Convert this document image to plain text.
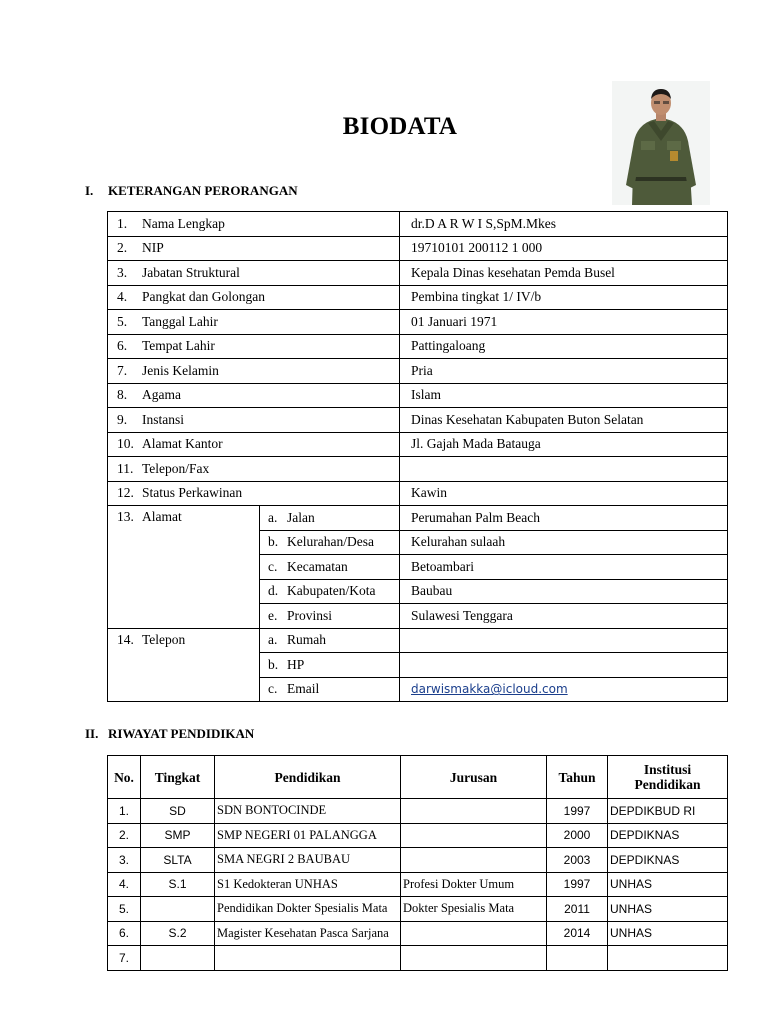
BIODATA
I. KETERANGAN PERORANGAN
1. Nama Lengkap		dr.D A R W I S,SpM.Mkes
2. NIP		19710101 200112 1 000
3. Jabatan Struktural		Kepala Dinas kesehatan Pemda Busel
4. Pangkat dan Golongan		Pembina tingkat 1/ IV/b
5. Tanggal Lahir		01 Januari 1971
6. Tempat Lahir		Pattingaloang
7. Jenis Kelamin		Pria
8. Agama		Islam
9. Instansi		Dinas Kesehatan Kabupaten Buton Selatan
10. Alamat Kantor		Jl. Gajah Mada Batauga
11. Telepon/Fax		
12. Status Perkawinan		Kawin
13. Alamat	a. Jalan	Perumahan Palm Beach
	b. Kelurahan/Desa	Kelurahan sulaah
	c. Kecamatan	Betoambari
	d. Kabupaten/Kota	Baubau
	e. Provinsi	Sulawesi Tenggara
14. Telepon	a. Rumah	
	b. HP	
	c. Email	darwismakka@icloud.com
II. RIWAYAT PENDIDIKAN
No.	Tingkat	Pendidikan	Jurusan	Tahun	Institusi
Pendidikan
1.	SD	SDN BONTOCINDE		1997	DEPDIKBUD RI
2.	SMP	SMP NEGERI 01 PALANGGA		2000	DEPDIKNAS
3.	SLTA	SMA NEGRI 2 BAUBAU		2003	DEPDIKNAS
4.	S.1	S1 Kedokteran UNHAS	Profesi Dokter Umum	1997	UNHAS
5.		Pendidikan Dokter Spesialis Mata	Dokter Spesialis Mata	2011	UNHAS
6.	S.2	Magister Kesehatan Pasca Sarjana		2014	UNHAS
7.					
